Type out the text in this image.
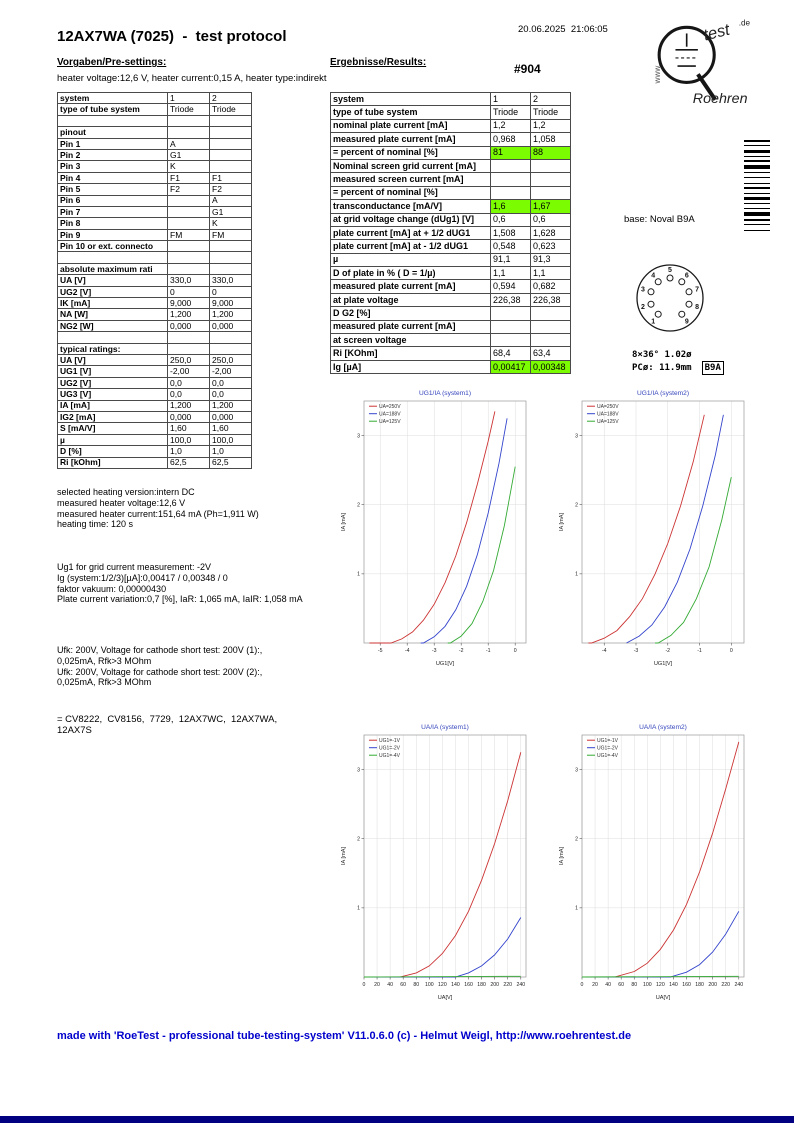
20.06.2025  21:06:05
12AX7WA (7025)  -  test protocol
www.
test .de
Roehren
Vorgaben/Pre-settings:
heater voltage:12,6 V, heater current:0,15 A, heater type:indirekt
Ergebnisse/Results:	#904
system	1	2
type of tube system	Triode	Triode

pinout		
Pin 1	A	
Pin 2	G1	
Pin 3	K	
Pin 4	F1	F1
Pin 5	F2	F2
Pin 6		A
Pin 7		G1
Pin 8		K
Pin 9	FM	FM
Pin 10 or ext. connecto		

absolute maximum rati		
UA [V]	330,0	330,0
UG2 [V]	0	0
IK [mA]	9,000	9,000
NA [W]	1,200	1,200
NG2 [W]	0,000	0,000

typical ratings:		
UA [V]	250,0	250,0
UG1 [V]	-2,00	-2,00
UG2 [V]	0,0	0,0
UG3 [V]	0,0	0,0
IA [mA]	1,200	1,200
IG2 [mA]	0,000	0,000
S [mA/V]	1,60	1,60
µ	100,0	100,0
D [%]	1,0	1,0
Ri [kOhm]	62,5	62,5
system	1	2
type of tube system	Triode	Triode
nominal plate current [mA]	1,2	1,2
measured plate current [mA]	0,968	1,058
= percent of nominal [%]	81	88
Nominal screen grid current [mA]		
measured screen current [mA]		
= percent of nominal [%]		
transconductance [mA/V]	1,6	1,67
at grid voltage change (dUg1) [V]	0,6	0,6
plate current [mA] at + 1/2 dUG1	1,508	1,628
plate current [mA] at - 1/2 dUG1	0,548	0,623
µ	91,1	91,3
D of plate in % ( D = 1/µ)	1,1	1,1
measured plate current [mA]	0,594	0,682
at plate voltage	226,38	226,38
D G2 [%]		
measured plate current [mA]		
at screen voltage		
Ri [KOhm]	68,4	63,4
Ig [µA]	0,00417	0,00348
base: Noval B9A
1
2
3
4
5
6
7
8
9
8×36° 1.02ø
PCø: 11.9mm	B9A
selected heating version:intern DC
measured heater voltage:12,6 V
measured heater current:151,64 mA (Ph=1,911 W)
heating time: 120 s
Ug1 for grid current measurement: -2V
Ig (system:1/2/3)[µA]:0,00417 / 0,00348 / 0
faktor vakuum: 0,00000430
Plate current variation:0,7 [%], IaR: 1,065 mA, IaIR: 1,058 mA
Ufk: 200V, Voltage for cathode short test: 200V (1):,
0,025mA, Rfk>3 MOhm
Ufk: 200V, Voltage for cathode short test: 200V (2):,
0,025mA, Rfk>3 MOhm
= CV8222,  CV8156,  7729,  12AX7WC,  12AX7WA,
12AX7S
-5	-4	-3	-2	-1	0
1
2
3
UG1/IA (system1)
UG1[V]
IA [mA]
UA=250V
UA=188V
UA=125V
-4	-3	-2	-1	0
1
2
3
UG1/IA (system2)
UG1[V]
IA [mA]
UA=250V
UA=188V
UA=125V
0 20 40 60 80 100 120 140 160 180 200 220 240
1
2
3
UA/IA (system1)
UA[V]
IA [mA]
UG1=-1V
UG1=-2V
UG1=-4V
0 20 40 60 80 100 120 140 160 180 200 220 240
1
2
3
UA/IA (system2)
UA[V]
IA [mA]
UG1=-1V
UG1=-2V
UG1=-4V
made with 'RoeTest - professional tube-testing-system' V11.0.6.0 (c) - Helmut Weigl, http://www.roehrentest.de
